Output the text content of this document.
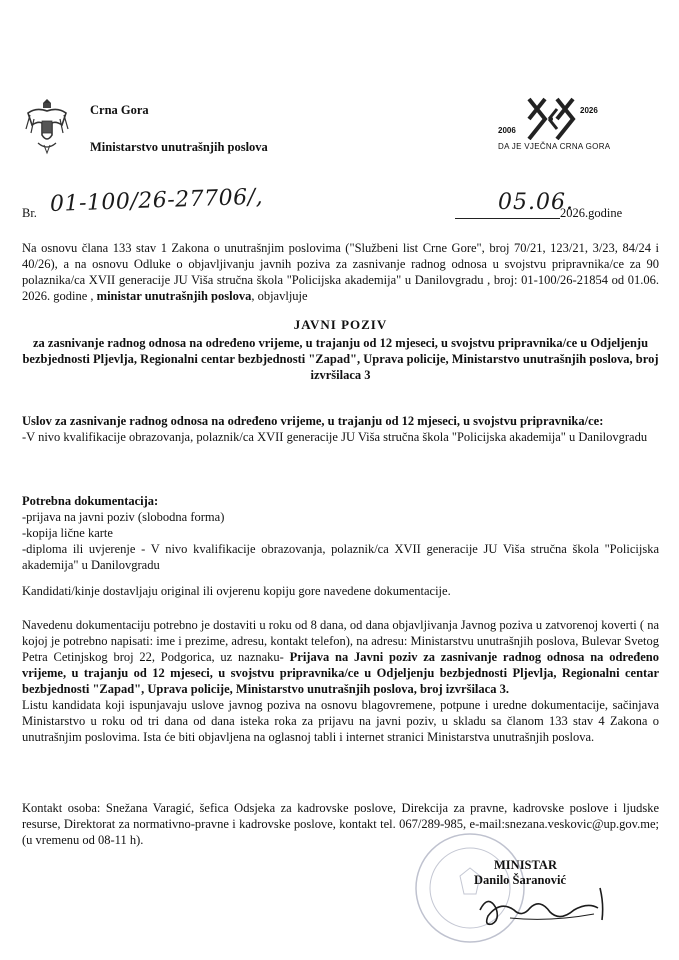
Crna Gora
Ministarstvo unutrašnjih poslova
2006
2026
DA JE VJEČNA CRNA GORA
Br. 01-100/26-27706/,	05.06.
2026.godine
Na osnovu člana 133 stav 1 Zakona o unutrašnjim poslovima ("Službeni list Crne Gore", broj 70/21, 123/21, 3/23, 84/24 i 40/26), a na osnovu Odluke o objavljivanju javnih poziva za zasnivanje radnog odnosa u svojstvu pripravnika/ce za 90 polaznika/ca XVII generacije JU Viša stručna škola "Policijska akademija" u Danilovgradu , broj: 01-100/26-21854 od 01.06. 2026. godine , ministar unutrašnjih poslova, objavljuje
JAVNI POZIV
za zasnivanje radnog odnosa na određeno vrijeme, u trajanju od 12 mjeseci, u svojstvu pripravnika/ce u Odjeljenju bezbjednosti Pljevlja, Regionalni centar bezbjednosti "Zapad", Uprava policije, Ministarstvo unutrašnjih poslova, broj izvršilaca 3
Uslov za zasnivanje radnog odnosa na određeno vrijeme, u trajanju od 12 mjeseci, u svojstvu pripravnika/ce:
-V nivo kvalifikacije obrazovanja, polaznik/ca XVII generacije JU Viša stručna škola "Policijska akademija" u Danilovgradu
Potrebna dokumentacija:
-prijava na javni poziv (slobodna forma)
-kopija lične karte
-diploma ili uvjerenje - V nivo kvalifikacije obrazovanja, polaznik/ca XVII generacije JU Viša stručna škola "Policijska akademija" u Danilovgradu
Kandidati/kinje dostavljaju original ili ovjerenu kopiju gore navedene dokumentacije.
Navedenu dokumentaciju potrebno je dostaviti u roku od 8 dana, od dana objavljivanja Javnog poziva u zatvorenoj koverti ( na kojoj je potrebno napisati: ime i prezime, adresu, kontakt telefon), na adresu: Ministarstvu unutrašnjih poslova, Bulevar Svetog Petra Cetinjskog broj 22, Podgorica, uz naznaku- Prijava na Javni poziv za zasnivanje radnog odnosa na određeno vrijeme, u trajanju od 12 mjeseci, u svojstvu pripravnika/ce u Odjeljenju bezbjednosti Pljevlja, Regionalni centar bezbjednosti "Zapad", Uprava policije, Ministarstvo unutrašnjih poslova, broj izvršilaca 3.
Listu kandidata koji ispunjavaju uslove javnog poziva na osnovu blagovremene, potpune i uredne dokumentacije, sačinjava Ministarstvo u roku od tri dana od dana isteka roka za prijavu na javni poziv, u skladu sa članom 133 stav 4 Zakona o unutrašnjim poslovima. Ista će biti objavljena na oglasnoj tabli i internet stranici Ministarstva unutrašnjih poslova.
Kontakt osoba: Snežana Varagić, šefica Odsjeka za kadrovske poslove, Direkcija za pravne, kadrovske poslove i ljudske resurse, Direktorat za normativno-pravne i kadrovske poslove, kontakt tel. 067/289-985, e-mail:snezana.veskovic@up.gov.me; (u vremenu od 08-11 h).
MINISTAR
Danilo Šaranović
